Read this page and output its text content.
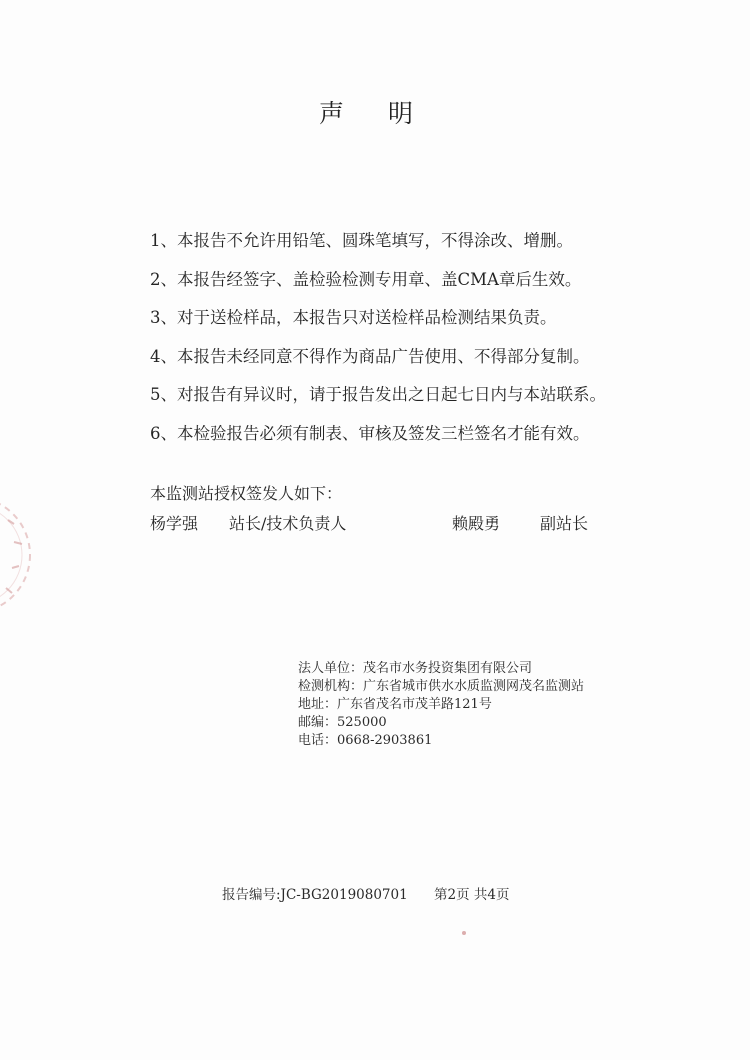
声 明
1、本报告不允许用铅笔、圆珠笔填写，不得涂改、增删。
2、本报告经签字、盖检验检测专用章、盖CMA章后生效。
3、对于送检样品，本报告只对送检样品检测结果负责。
4、本报告未经同意不得作为商品广告使用、不得部分复制。
5、对报告有异议时，请于报告发出之日起七日内与本站联系。
6、本检验报告必须有制表、审核及签发三栏签名才能有效。
本监测站授权签发人如下：
杨学强 站长/技术负责人	赖殿勇 副站长
法人单位：茂名市水务投资集团有限公司
检测机构：广东省城市供水水质监测网茂名监测站
地址：广东省茂名市茂羊路121号
邮编：525000
电话：0668-2903861
报告编号:JC-BG2019080701 第2页 共4页
